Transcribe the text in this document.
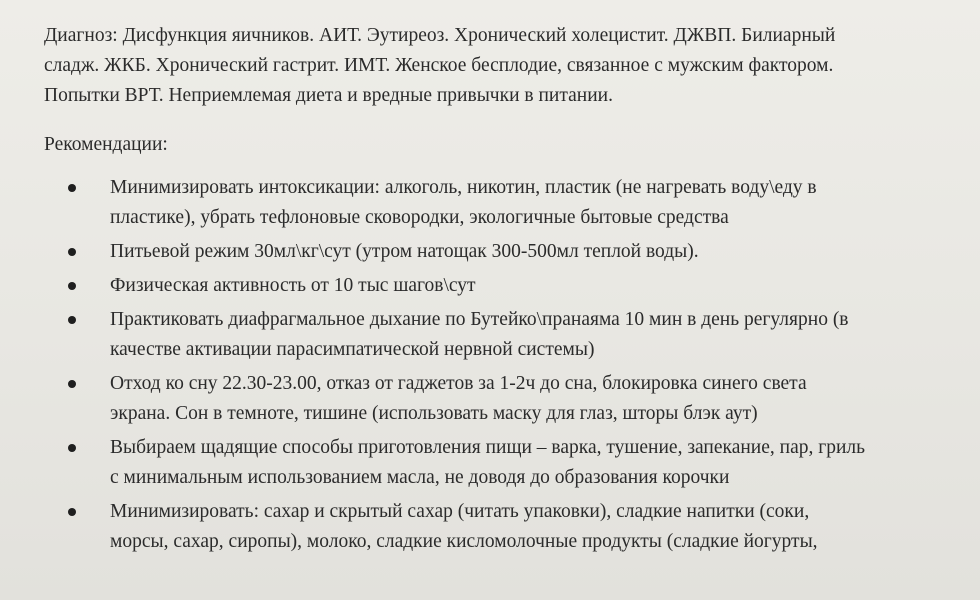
Диагноз: Дисфункция яичников. АИТ. Эутиреоз. Хронический холецистит. ДЖВП. Билиарный
сладж. ЖКБ. Хронический гастрит. ИМТ. Женское бесплодие, связанное с мужским фактором.
Попытки ВРТ. Неприемлемая диета и вредные привычки в питании.

Рекомендации:

Минимизировать интоксикации: алкоголь, никотин, пластик (не нагревать воду\еду в
пластике), убрать тефлоновые сковородки, экологичные бытовые средства
Питьевой режим 30мл\кг\сут (утром натощак 300-500мл теплой воды).
Физическая активность от 10 тыс шагов\сут
Практиковать диафрагмальное дыхание по Бутейко\пранаяма 10 мин в день регулярно (в
качестве активации парасимпатической нервной системы)
Отход ко сну 22.30-23.00, отказ от гаджетов за 1-2ч до сна, блокировка синего света
экрана. Сон в темноте, тишине (использовать маску для глаз, шторы блэк аут)
Выбираем щадящие способы приготовления пищи – варка, тушение, запекание, пар, гриль
с минимальным использованием масла, не доводя до образования корочки
Минимизировать: сахар и скрытый сахар (читать упаковки), сладкие напитки (соки,
морсы, сахар, сиропы), молоко, сладкие кисломолочные продукты (сладкие йогурты,
